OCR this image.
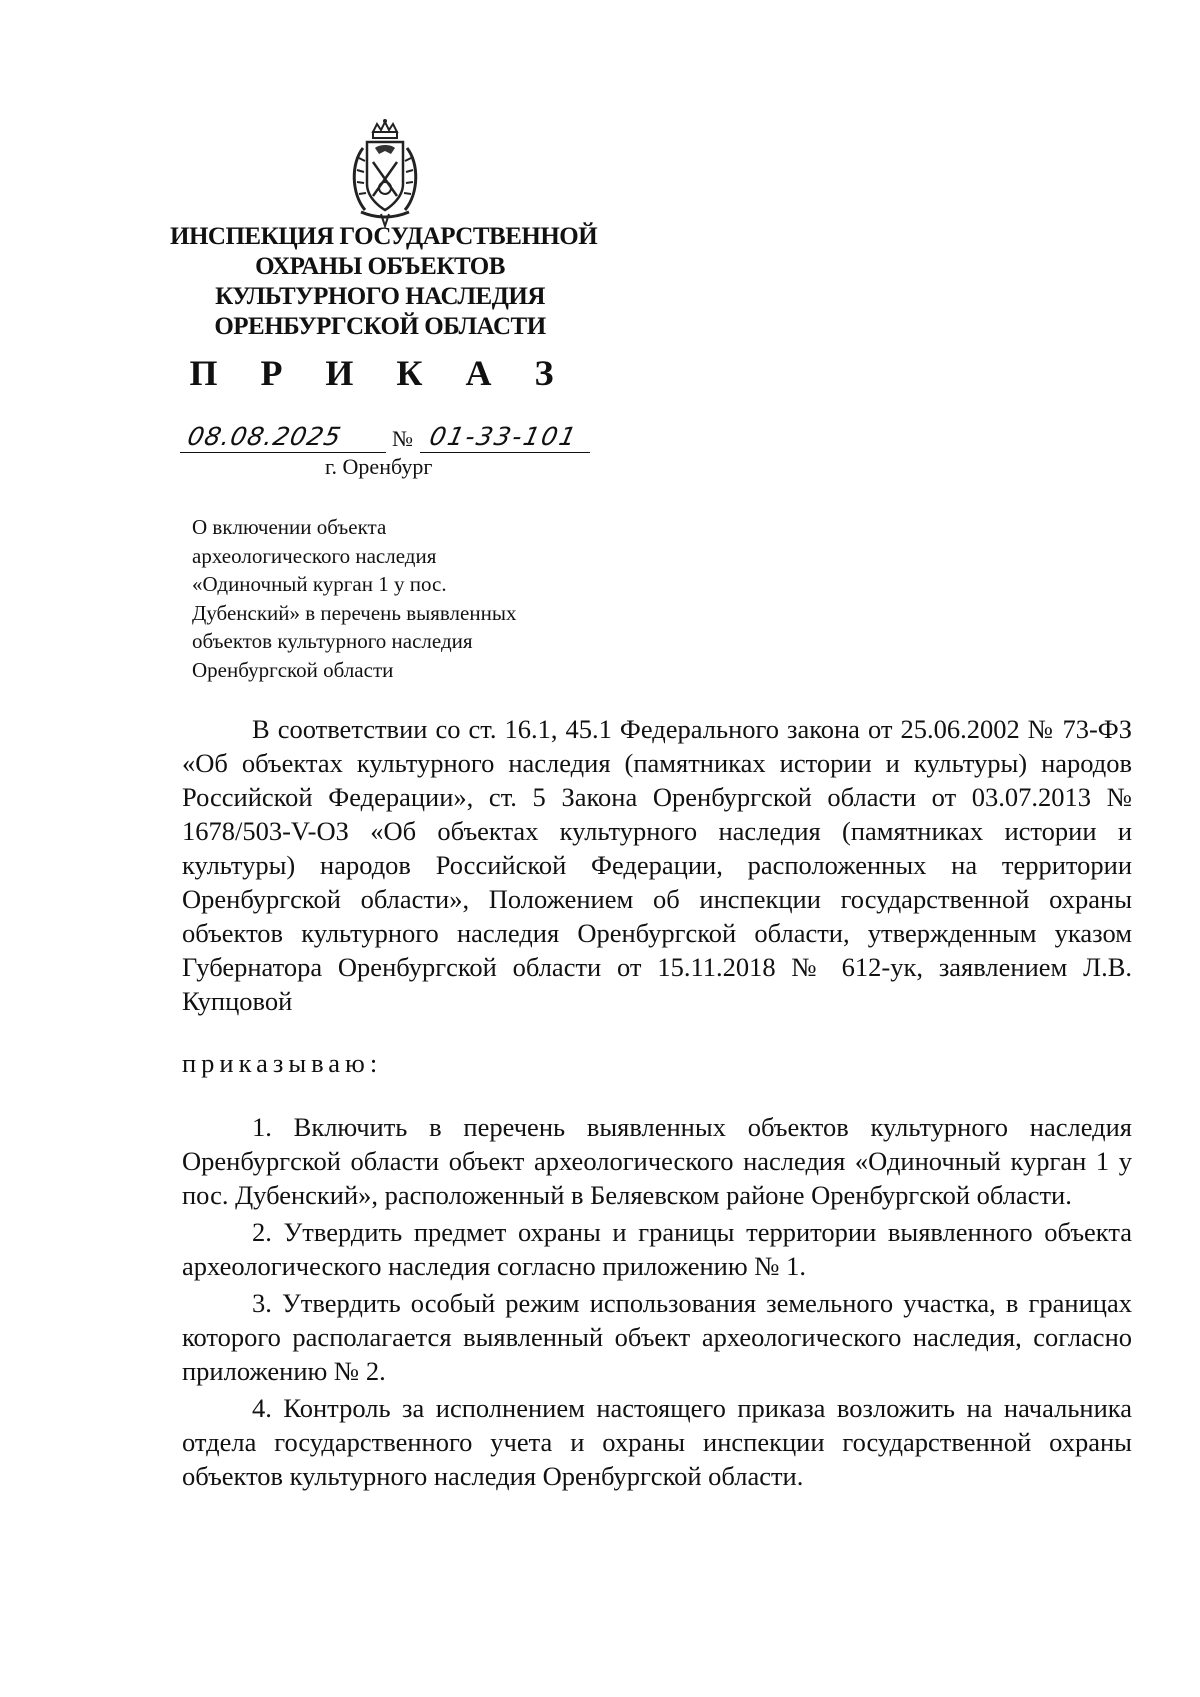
ИНСПЕКЦИЯ ГОСУДАРСТВЕННОЙ
ОХРАНЫ ОБЪЕКТОВ
КУЛЬТУРНОГО НАСЛЕДИЯ
ОРЕНБУРГСКОЙ ОБЛАСТИ
П Р И К А З
08.08.2025	№ 01-33-101
г. Оренбург
О включении объекта
археологического наследия
«Одиночный курган 1 у пос.
Дубенский» в перечень выявленных
объектов культурного наследия
Оренбургской области
В соответствии со ст. 16.1, 45.1 Федерального закона от 25.06.2002 № 73-ФЗ «Об объектах культурного наследия (памятниках истории и культуры) народов Российской Федерации», ст. 5 Закона Оренбургской области от 03.07.2013 № 1678/503-V-ОЗ «Об объектах культурного наследия (памятниках истории и культуры) народов Российской Федерации, расположенных на территории Оренбургской области», Положением об инспекции государственной охраны объектов культурного наследия Оренбургской области, утвержденным указом Губернатора Оренбургской области от 15.11.2018 № 612-ук, заявлением Л.В. Купцовой
приказываю:

1. Включить в перечень выявленных объектов культурного наследия Оренбургской области объект археологического наследия «Одиночный курган 1 у пос. Дубенский», расположенный в Беляевском районе Оренбургской области.

2. Утвердить предмет охраны и границы территории выявленного объекта археологического наследия согласно приложению № 1.

3. Утвердить особый режим использования земельного участка, в границах которого располагается выявленный объект археологического наследия, согласно приложению № 2.

4. Контроль за исполнением настоящего приказа возложить на начальника отдела государственного учета и охраны инспекции государственной охраны объектов культурного наследия Оренбургской области.
